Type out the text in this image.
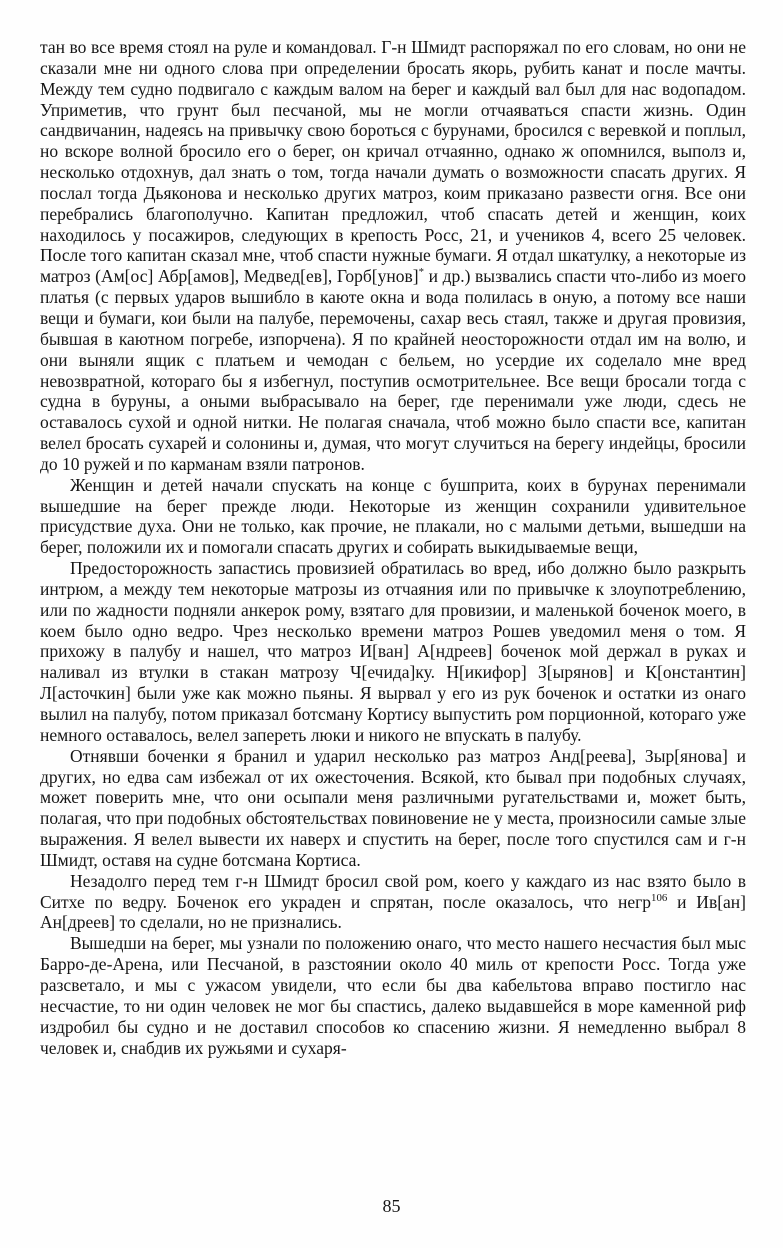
тан во все время стоял на руле и командовал. Г-н Шмидт распоряжал по его словам, но они не сказали мне ни одного слова при определении бросать якорь, рубить канат и после мачты. Между тем судно подвигало с каждым валом на берег и каждый вал был для нас водопадом. Уприметив, что грунт был песчаной, мы не могли отчаяваться спасти жизнь. Один сандвичанин, надеясь на привычку свою бороться с бурунами, бросился с веревкой и поплыл, но вскоре волной бросило его о берег, он кричал отчаянно, однако ж опомнился, выполз и, несколько отдохнув, дал знать о том, тогда начали думать о возможности спасать других. Я послал тогда Дьяконова и несколько других матроз, коим приказано развести огня. Все они перебрались благополучно. Капитан предложил, чтоб спасать детей и женщин, коих находилось у посажиров, следующих в крепость Росс, 21, и учеников 4, всего 25 человек. После того капитан сказал мне, чтоб спасти нужные бумаги. Я отдал шкатулку, а некоторые из матроз (Ам[ос] Абр[амов], Медвед[ев], Горб[унов]* и др.) вызвались спасти что-либо из моего платья (с первых ударов вышибло в каюте окна и вода полилась в оную, а потому все наши вещи и бумаги, кои были на палубе, перемочены, сахар весь стаял, также и другая провизия, бывшая в каютном погребе, изпорчена). Я по крайней неосторожности отдал им на волю, и они выняли ящик с платьем и чемодан с бельем, но усердие их соделало мне вред невозвратной, котораго бы я избегнул, поступив осмотрительнее. Все вещи бросали тогда с судна в буруны, а оными выбрасывало на берег, где перенимали уже люди, сдесь не оставалось сухой и одной нитки. Не полагая сначала, чтоб можно было спасти все, капитан велел бросать сухарей и солонины и, думая, что могут случиться на берегу индейцы, бросили до 10 ружей и по карманам взяли патронов.

Женщин и детей начали спускать на конце с бушприта, коих в бурунах перенимали вышедшие на берег прежде люди. Некоторые из женщин сохранили удивительное присудствие духа. Они не только, как прочие, не плакали, но с малыми детьми, вышедши на берег, положили их и помогали спасать других и собирать выкидываемые вещи,

Предосторожность запастись провизией обратилась во вред, ибо должно было разкрыть интрюм, а между тем некоторые матрозы из отчаяния или по привычке к злоупотреблению, или по жадности подняли анкерок рому, взятаго для провизии, и маленькой боченок моего, в коем было одно ведро. Чрез несколько времени матроз Рошев уведомил меня о том. Я прихожу в палубу и нашел, что матроз И[ван] А[ндреев] боченок мой держал в руках и наливал из втулки в стакан матрозу Ч[ечида]ку. Н[икифор] З[ырянов] и К[онстантин] Л[асточкин] были уже как можно пьяны. Я вырвал у его из рук боченок и остатки из онаго вылил на палубу, потом приказал ботсману Кортису выпустить ром порционной, котораго уже немного оставалось, велел запереть люки и никого не впускать в палубу.

Отнявши боченки я бранил и ударил несколько раз матроз Анд[реева], Зыр[янова] и других, но едва сам избежал от их ожесточения. Всякой, кто бывал при подобных случаях, может поверить мне, что они осыпали меня различными ругательствами и, может быть, полагая, что при подобных обстоятельствах повиновение не у места, произносили самые злые выражения. Я велел вывести их наверх и спустить на берег, после того спустился сам и г-н Шмидт, оставя на судне ботсмана Кортиса.

Незадолго перед тем г-н Шмидт бросил свой ром, коего у каждаго из нас взято было в Ситхе по ведру. Боченок его украден и спрятан, после оказалось, что негр$^{106}$ и Ив[ан] Ан[дреев] то сделали, но не признались.

Вышедши на берег, мы узнали по положению онаго, что место нашего несчастия был мыс Барро-де-Арена, или Песчаной, в разстоянии около 40 миль от крепости Росс. Тогда уже разсветало, и мы с ужасом увидели, что если бы два кабельтова вправо постигло нас несчастие, то ни один человек не мог бы спастись, далеко выдавшейся в море каменной риф издробил бы судно и не доставил способов ко спасению жизни. Я немедленно выбрал 8 человек и, снабдив их ружьями и сухаря-

85
